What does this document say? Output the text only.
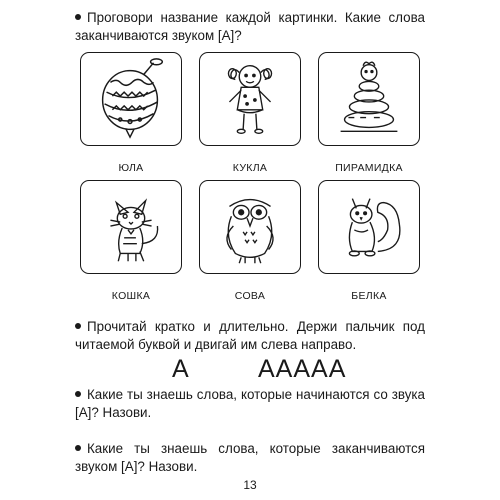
Проговори название каждой картинки. Какие слова заканчиваются звуком [А]?
ЮЛА	КУКЛА	ПИРАМИДКА
КОШКА	СОВА	БЕЛКА
Прочитай кратко и длительно. Держи пальчик под читаемой буквой и двигай им слева направо.
А	ААААА
Какие ты знаешь слова, которые начинаются со звука [А]? Назови.
Какие ты знаешь слова, которые заканчиваются звуком [А]? Назови.
13
